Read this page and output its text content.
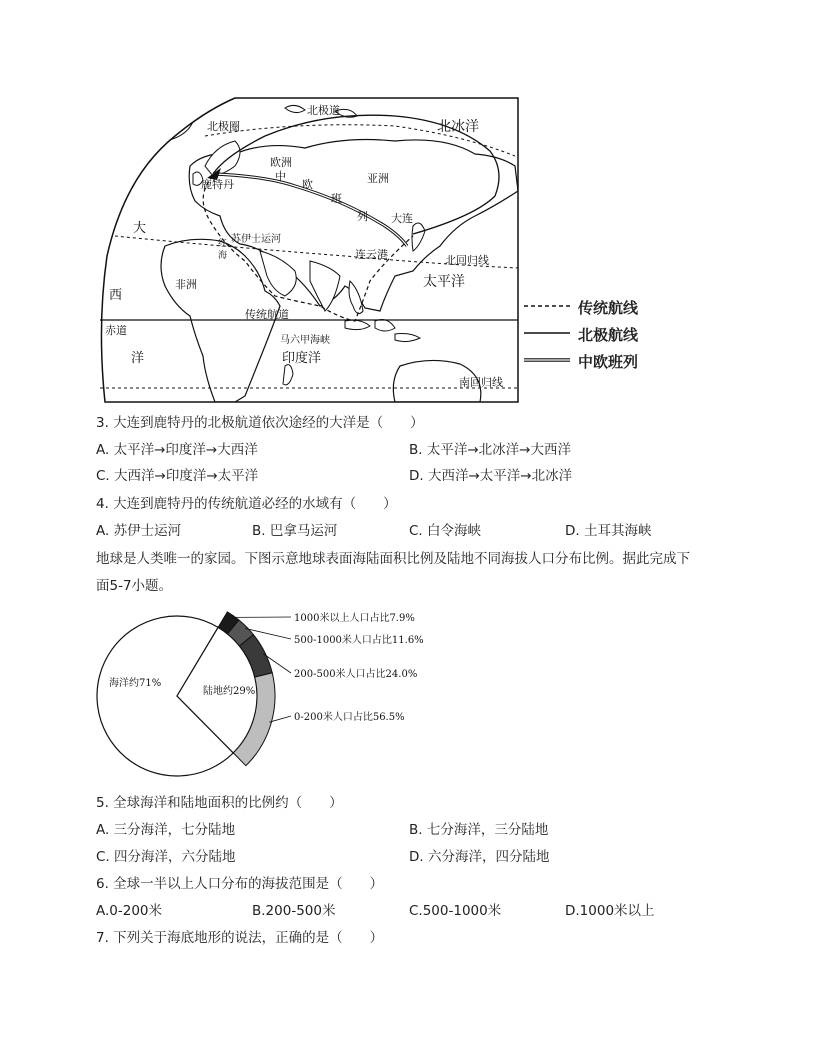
北极道
北极圈	北冰洋
欧洲
鹿特丹
中
欧
班
列
亚洲
大连
大
苏伊士运河
红
海	连云港	北回归线
非洲	太平洋
西
传统航道
赤道
马六甲海峡
洋	印度洋
南回归线
传统航线
北极航线
中欧班列
3. 大连到鹿特丹的北极航道依次途经的大洋是（　　）
A. 太平洋→印度洋→大西洋	B. 太平洋→北冰洋→大西洋
C. 大西洋→印度洋→太平洋	D. 大西洋→太平洋→北冰洋
4. 大连到鹿特丹的传统航道必经的水域有（　　）
A. 苏伊士运河	B. 巴拿马运河	C. 白令海峡	D. 土耳其海峡
地球是人类唯一的家园。下图示意地球表面海陆面积比例及陆地不同海拔人口分布比例。据此完成下
面5-7小题。
海洋约71%
陆地约29%
1000米以上人口占比7.9%
500-1000米人口占比11.6%
200-500米人口占比24.0%
0-200米人口占比56.5%
5. 全球海洋和陆地面积的比例约（　　）
A. 三分海洋，七分陆地	B. 七分海洋，三分陆地
C. 四分海洋，六分陆地	D. 六分海洋，四分陆地
6. 全球一半以上人口分布的海拔范围是（　　）
A.0-200米	B.200-500米	C.500-1000米	D.1000米以上
7. 下列关于海底地形的说法，正确的是（　　）
